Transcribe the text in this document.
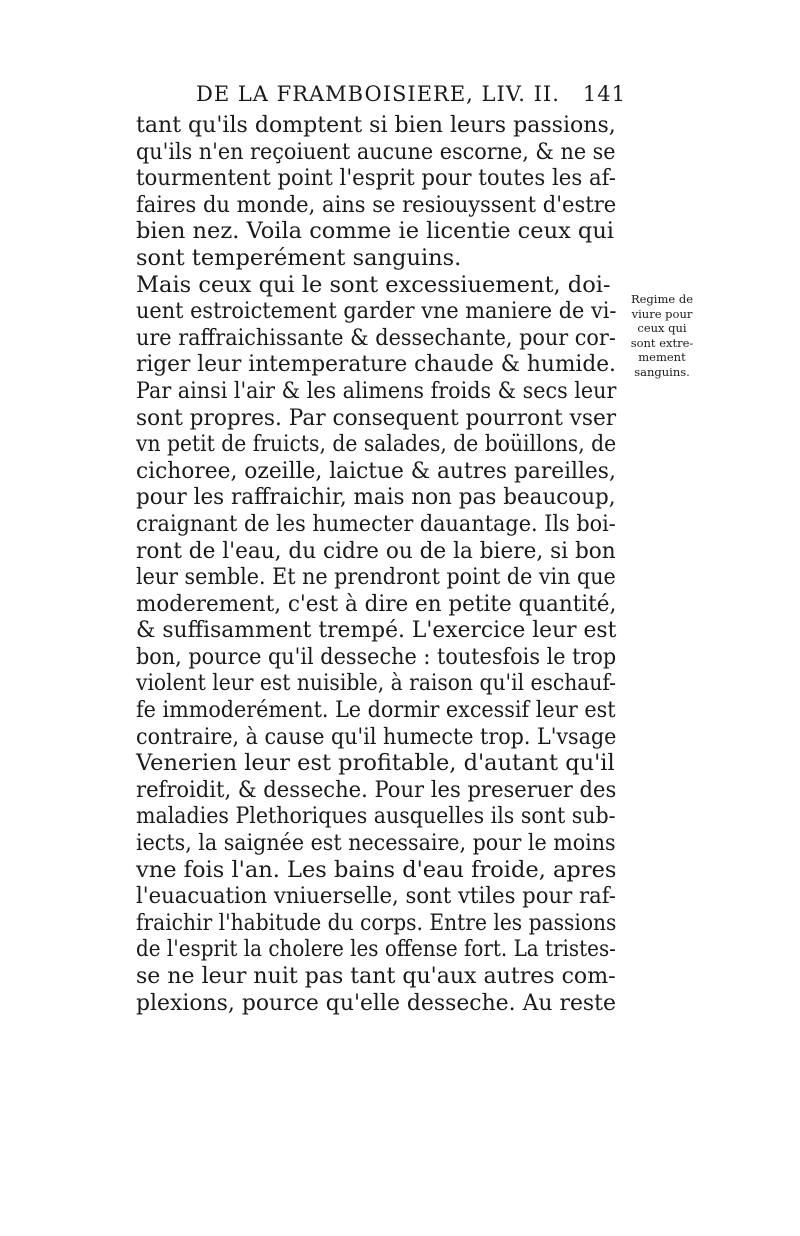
DE LA FRAMBOISIERE, LIV. II. 141
tant qu'ils domptent si bien leurs passions,
qu'ils n'en reçoiuent aucune escorne, & ne se
tourmentent point l'esprit pour toutes les af-
faires du monde, ains se resiouyssent d'estre
bien nez. Voila comme ie licentie ceux qui
sont temperément sanguins.
Mais ceux qui le sont excessiuement, doi-
uent estroictement garder vne maniere de vi-
ure raffraichissante & dessechante, pour cor-
riger leur intemperature chaude & humide.
Par ainsi l'air & les alimens froids & secs leur
sont propres. Par consequent pourront vser
vn petit de fruicts, de salades, de boüillons, de
cichoree, ozeille, laictue & autres pareilles,
pour les raffraichir, mais non pas beaucoup,
craignant de les humecter dauantage. Ils boi-
ront de l'eau, du cidre ou de la biere, si bon
leur semble. Et ne prendront point de vin que
moderement, c'est à dire en petite quantité,
& suffisamment trempé. L'exercice leur est
bon, pource qu'il desseche : toutesfois le trop
violent leur est nuisible, à raison qu'il eschauf-
fe immoderément. Le dormir excessif leur est
contraire, à cause qu'il humecte trop. L'vsage
Venerien leur est profitable, d'autant qu'il
refroidit, & desseche. Pour les preseruer des
maladies Plethoriques ausquelles ils sont sub-
iects, la saignée est necessaire, pour le moins
vne fois l'an. Les bains d'eau froide, apres
l'euacuation vniuerselle, sont vtiles pour raf-
fraichir l'habitude du corps. Entre les passions
de l'esprit la cholere les offense fort. La tristes-
se ne leur nuit pas tant qu'aux autres com-
plexions, pource qu'elle desseche. Au reste
Regime de
viure pour
ceux qui
sont extre-
mement
sanguins.
